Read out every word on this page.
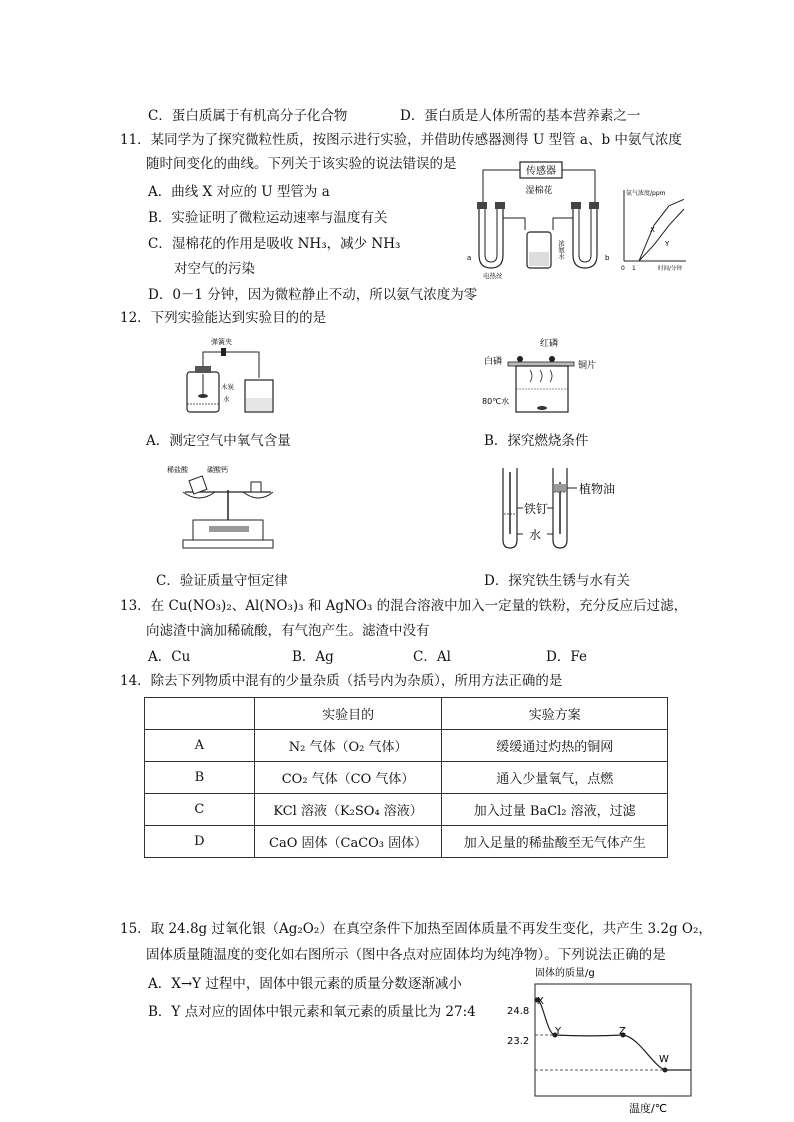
C．蛋白质属于有机高分子化合物	D．蛋白质是人体所需的基本营养素之一
11．某同学为了探究微粒性质，按图示进行实验，并借助传感器测得 U 型管 a、b 中氨气浓度
随时间变化的曲线。下列关于该实验的说法错误的是
A．曲线 X 对应的 U 型管为 a
B．实验证明了微粒运动速率与温度有关
C．湿棉花的作用是吸收 NH₃，减少 NH₃
对空气的污染
D．0－1 分钟，因为微粒静止不动，所以氨气浓度为零
传感器
湿棉花
a	b
电热丝
浓氨水
氨气浓度/ppm
时间/分钟
0 1
X
Y
12．下列实验能达到实验目的的是
弹簧夹
木炭
水
红磷
白磷	铜片
80℃水
A．测定空气中氧气含量	B．探究燃烧条件
稀盐酸	碳酸钙
植物油
铁钉
水
C．验证质量守恒定律	D．探究铁生锈与水有关
13．在 Cu(NO₃)₂、Al(NO₃)₃ 和 AgNO₃ 的混合溶液中加入一定量的铁粉，充分反应后过滤，
向滤渣中滴加稀硫酸，有气泡产生。滤渣中没有
A．Cu	B．Ag	C．Al	D．Fe
14．除去下列物质中混有的少量杂质（括号内为杂质），所用方法正确的是
	实验目的	实验方案
A	N₂ 气体（O₂ 气体）	缓缓通过灼热的铜网
B	CO₂ 气体（CO 气体）	通入少量氧气，点燃
C	KCl 溶液（K₂SO₄ 溶液）	加入过量 BaCl₂ 溶液，过滤
D	CaO 固体（CaCO₃ 固体）	加入足量的稀盐酸至无气体产生
15．取 24.8g 过氧化银（Ag₂O₂）在真空条件下加热至固体质量不再发生变化，共产生 3.2g O₂，
固体质量随温度的变化如右图所示（图中各点对应固体均为纯净物）。下列说法正确的是
A．X→Y 过程中，固体中银元素的质量分数逐渐减小
B．Y 点对应的固体中银元素和氧元素的质量比为 27:4
固体的质量/g
24.8
23.2
X
Y	Z
W
温度/℃
